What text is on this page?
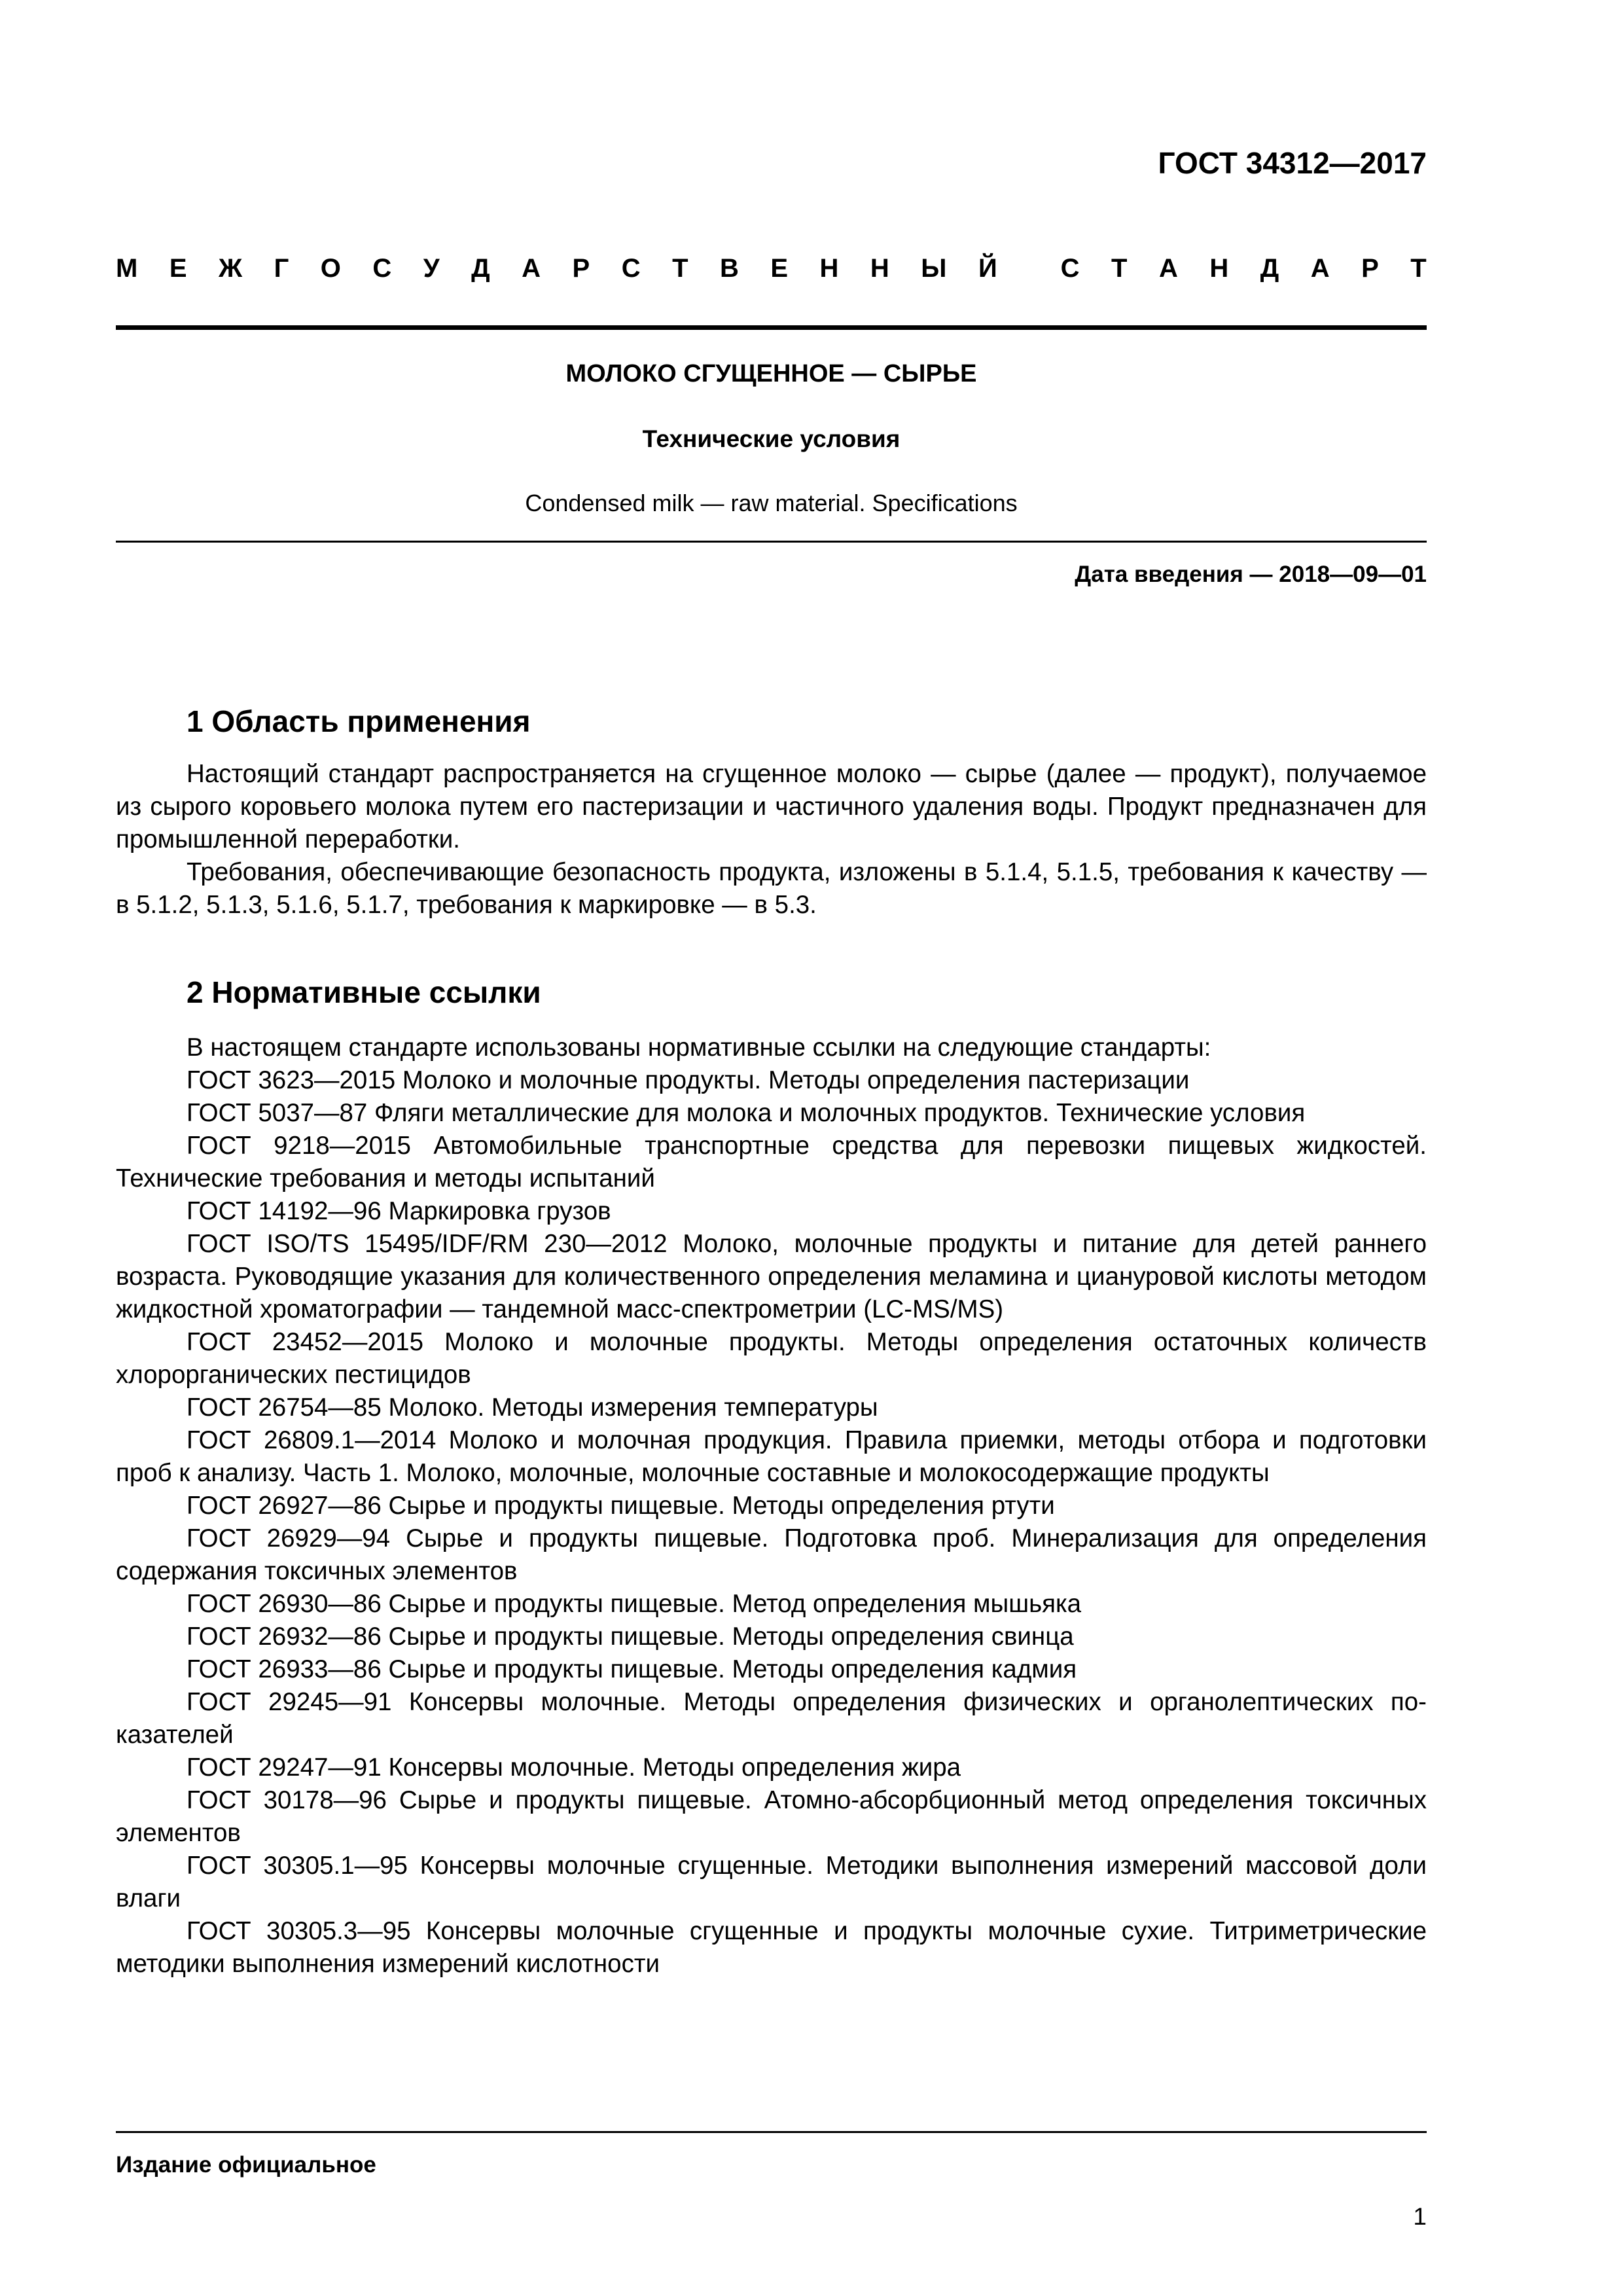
ГОСТ 34312—2017
М Е Ж Г О С У Д А Р С Т В Е Н Н Ы Й С Т А Н Д А Р Т
МОЛОКО СГУЩЕННОЕ — СЫРЬЕ
Технические условия
Condensed milk — raw material. Specifications
Дата введения — 2018—09—01
1 Область применения

Настоящий стандарт распространяется на сгущенное молоко — сырье (далее — продукт), получаемое из сырого коровьего молока путем его пастеризации и частичного удаления воды. Продукт предназначен для промышленной переработки.

Требования, обеспечивающие безопасность продукта, изложены в 5.1.4, 5.1.5, требования к качеству — в 5.1.2, 5.1.3, 5.1.6, 5.1.7, требования к маркировке — в 5.3.

2 Нормативные ссылки

В настоящем стандарте использованы нормативные ссылки на следующие стандарты:

ГОСТ 3623—2015 Молоко и молочные продукты. Методы определения пастеризации

ГОСТ 5037—87 Фляги металлические для молока и молочных продуктов. Технические условия

ГОСТ 9218—2015 Автомобильные транспортные средства для перевозки пищевых жидкостей. Технические требования и методы испытаний

ГОСТ 14192—96 Маркировка грузов

ГОСТ ISO/TS 15495/IDF/RM 230—2012 Молоко, молочные продукты и питание для детей раннего возраста. Руководящие указания для количественного определения меламина и циануровой кислоты методом жидкостной хроматографии — тандемной масс-спектрометрии (LC-MS/MS)

ГОСТ 23452—2015 Молоко и молочные продукты. Методы определения остаточных количеств хлорорганических пестицидов

ГОСТ 26754—85 Молоко. Методы измерения температуры

ГОСТ 26809.1—2014 Молоко и молочная продукция. Правила приемки, методы отбора и подготовки проб к анализу. Часть 1. Молоко, молочные, молочные составные и молокосодержащие продукты

ГОСТ 26927—86 Сырье и продукты пищевые. Методы определения ртути

ГОСТ 26929—94 Сырье и продукты пищевые. Подготовка проб. Минерализация для определения содержания токсичных элементов

ГОСТ 26930—86 Сырье и продукты пищевые. Метод определения мышьяка

ГОСТ 26932—86 Сырье и продукты пищевые. Методы определения свинца

ГОСТ 26933—86 Сырье и продукты пищевые. Методы определения кадмия

ГОСТ 29245—91 Консервы молочные. Методы определения физических и органолептических показателей

ГОСТ 29247—91 Консервы молочные. Методы определения жира

ГОСТ 30178—96 Сырье и продукты пищевые. Атомно-абсорбционный метод определения токсичных элементов

ГОСТ 30305.1—95 Консервы молочные сгущенные. Методики выполнения измерений массовой доли влаги

ГОСТ 30305.3—95 Консервы молочные сгущенные и продукты молочные сухие. Титриметрические методики выполнения измерений кислотности

Издание официальное
1
